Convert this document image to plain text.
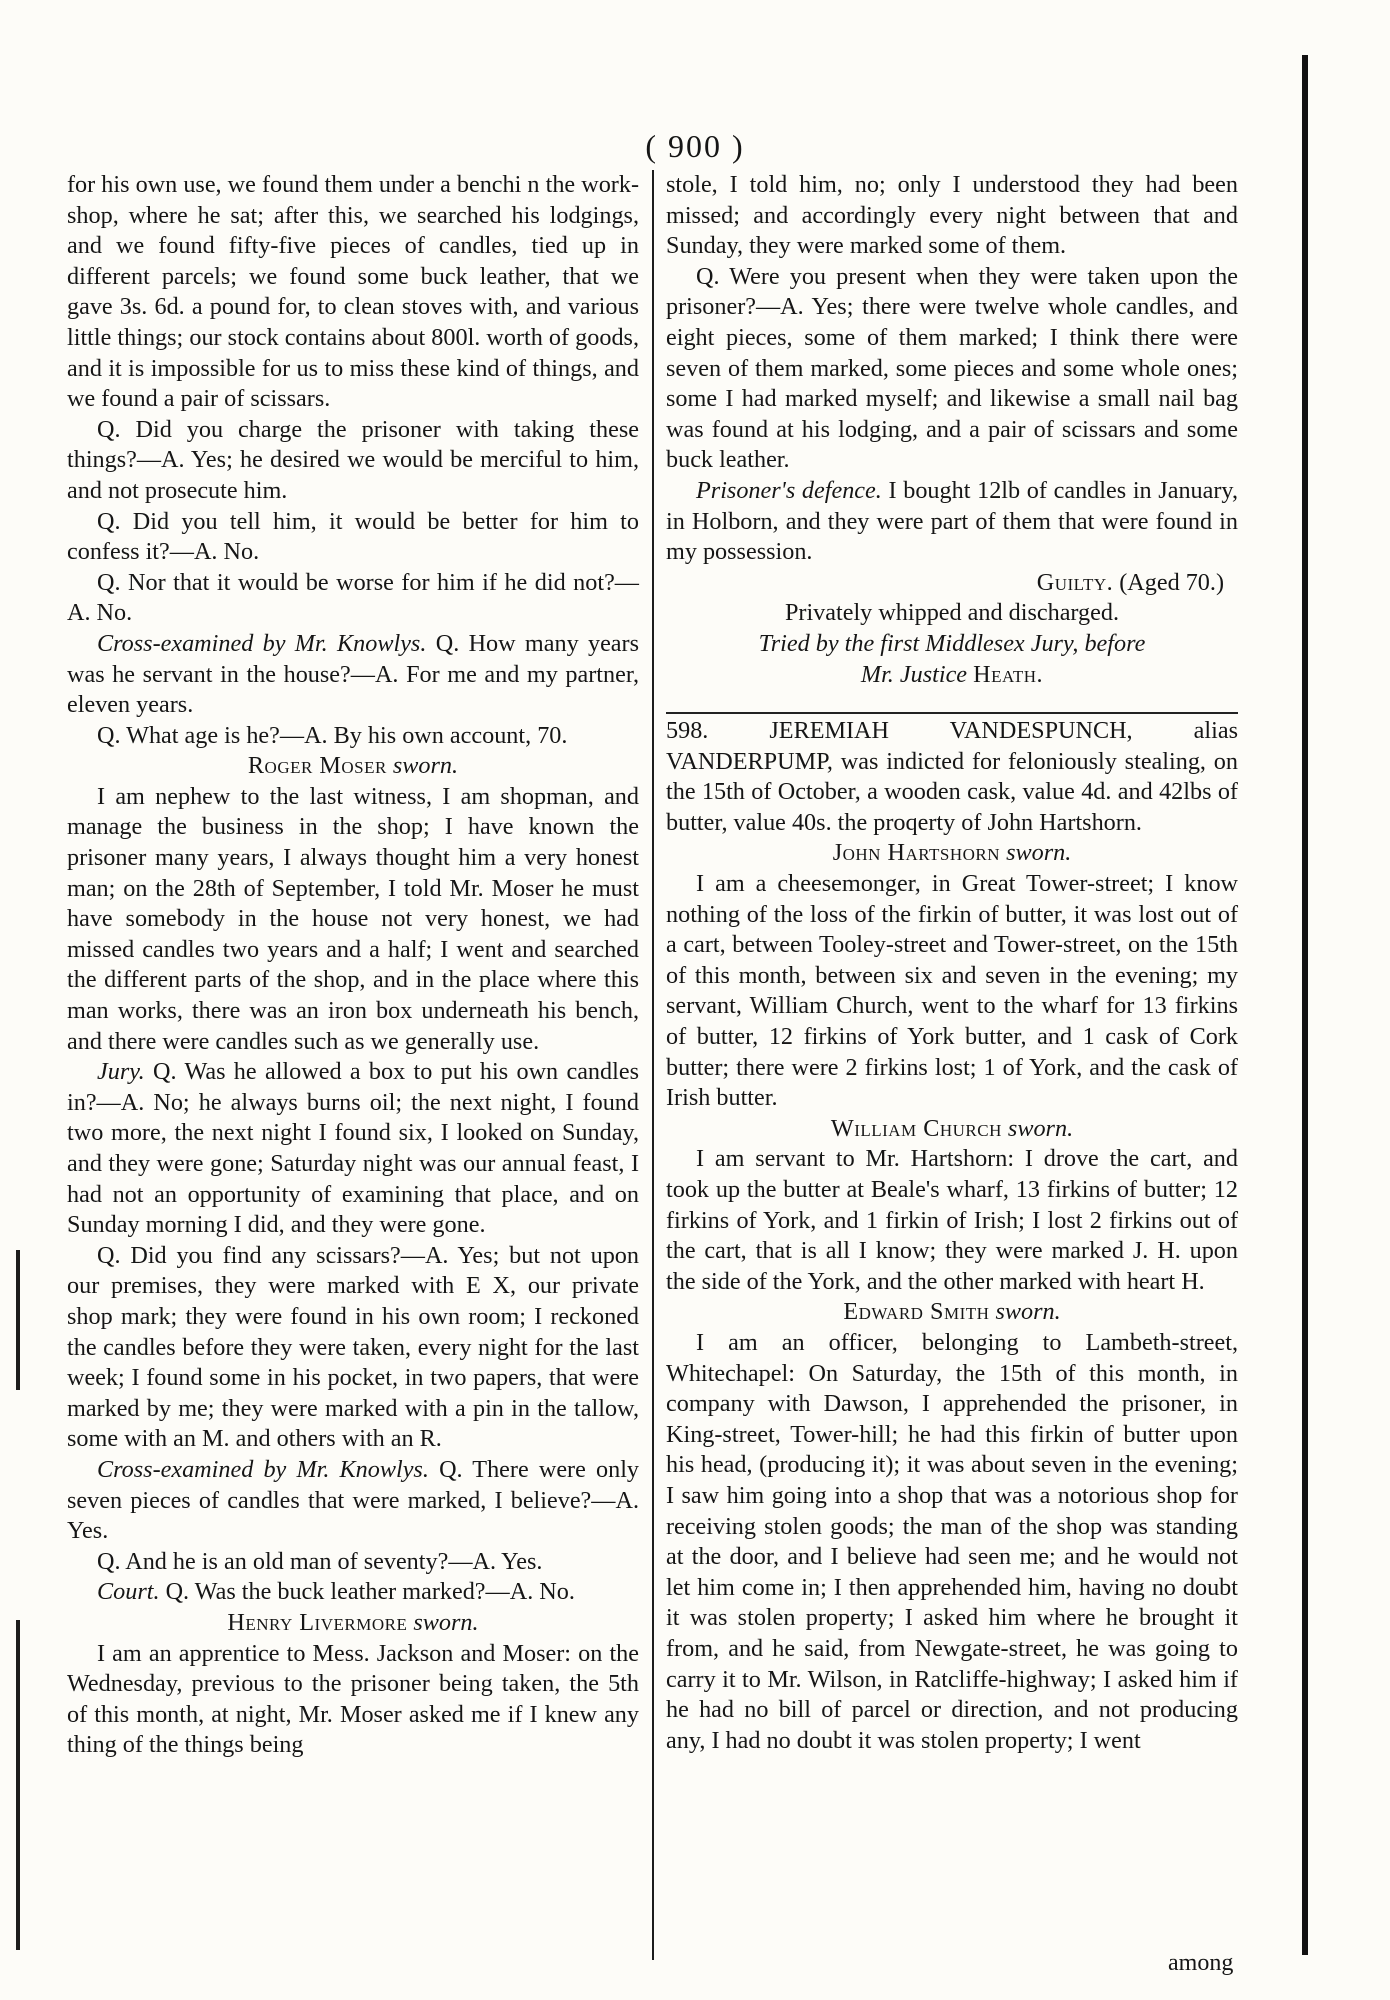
( 900 )

for his own use, we found them under a benchi n the work-shop, where he sat; after this, we searched his lodgings, and we found fifty-five pieces of candles, tied up in different parcels; we found some buck leather, that we gave 3s. 6d. a pound for, to clean stoves with, and various little things; our stock contains about 800l. worth of goods, and it is impossible for us to miss these kind of things, and we found a pair of scissars.

Q. Did you charge the prisoner with taking these things?—A. Yes; he desired we would be merciful to him, and not prosecute him.

Q. Did you tell him, it would be better for him to confess it?—A. No.

Q. Nor that it would be worse for him if he did not?—A. No.

Cross-examined by Mr. Knowlys. Q. How many years was he servant in the house?—A. For me and my partner, eleven years.

Q. What age is he?—A. By his own account, 70.

Roger Moser sworn.

I am nephew to the last witness, I am shopman, and manage the business in the shop; I have known the prisoner many years, I always thought him a very honest man; on the 28th of September, I told Mr. Moser he must have somebody in the house not very honest, we had missed candles two years and a half; I went and searched the different parts of the shop, and in the place where this man works, there was an iron box underneath his bench, and there were candles such as we generally use.

Jury. Q. Was he allowed a box to put his own candles in?—A. No; he always burns oil; the next night, I found two more, the next night I found six, I looked on Sunday, and they were gone; Saturday night was our annual feast, I had not an opportunity of examining that place, and on Sunday morning I did, and they were gone.

Q. Did you find any scissars?—A. Yes; but not upon our premises, they were marked with E X, our private shop mark; they were found in his own room; I reckoned the candles before they were taken, every night for the last week; I found some in his pocket, in two papers, that were marked by me; they were marked with a pin in the tallow, some with an M. and others with an R.

Cross-examined by Mr. Knowlys. Q. There were only seven pieces of candles that were marked, I believe?—A. Yes.

Q. And he is an old man of seventy?—A. Yes.

Court. Q. Was the buck leather marked?—A. No.

Henry Livermore sworn.

I am an apprentice to Mess. Jackson and Moser: on the Wednesday, previous to the prisoner being taken, the 5th of this month, at night, Mr. Moser asked me if I knew any thing of the things being

stole, I told him, no; only I understood they had been missed; and accordingly every night between that and Sunday, they were marked some of them.

Q. Were you present when they were taken upon the prisoner?—A. Yes; there were twelve whole candles, and eight pieces, some of them marked; I think there were seven of them marked, some pieces and some whole ones; some I had marked myself; and likewise a small nail bag was found at his lodging, and a pair of scissars and some buck leather.

Prisoner's defence. I bought 12lb of candles in January, in Holborn, and they were part of them that were found in my possession.

Guilty. (Aged 70.)

Privately whipped and discharged.

Tried by the first Middlesex Jury, before

Mr. Justice Heath.

598. JEREMIAH VANDESPUNCH, alias VANDERPUMP, was indicted for feloniously stealing, on the 15th of October, a wooden cask, value 4d. and 42lbs of butter, value 40s. the proqerty of John Hartshorn.

John Hartshorn sworn.

I am a cheesemonger, in Great Tower-street; I know nothing of the loss of the firkin of butter, it was lost out of a cart, between Tooley-street and Tower-street, on the 15th of this month, between six and seven in the evening; my servant, William Church, went to the wharf for 13 firkins of butter, 12 firkins of York butter, and 1 cask of Cork butter; there were 2 firkins lost; 1 of York, and the cask of Irish butter.

William Church sworn.

I am servant to Mr. Hartshorn: I drove the cart, and took up the butter at Beale's wharf, 13 firkins of butter; 12 firkins of York, and 1 firkin of Irish; I lost 2 firkins out of the cart, that is all I know; they were marked J. H. upon the side of the York, and the other marked with heart H.

Edward Smith sworn.

I am an officer, belonging to Lambeth-street, Whitechapel: On Saturday, the 15th of this month, in company with Dawson, I apprehended the prisoner, in King-street, Tower-hill; he had this firkin of butter upon his head, (producing it); it was about seven in the evening; I saw him going into a shop that was a notorious shop for receiving stolen goods; the man of the shop was standing at the door, and I believe had seen me; and he would not let him come in; I then apprehended him, having no doubt it was stolen property; I asked him where he brought it from, and he said, from Newgate-street, he was going to carry it to Mr. Wilson, in Ratcliffe-highway; I asked him if he had no bill of parcel or direction, and not producing any, I had no doubt it was stolen property; I went

among
